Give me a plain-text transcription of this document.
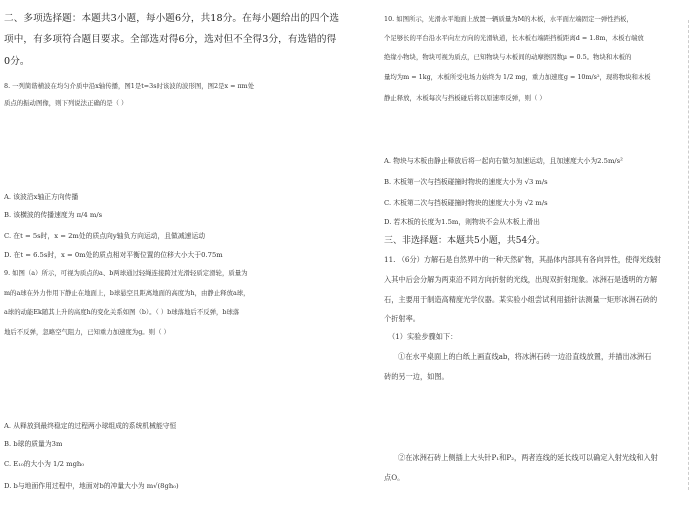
二、多项选择题：本题共3小题，每小题6分，共18分。在每小题给出的四个选
项中，有多项符合题目要求。全部选对得6分，选对但不全得3分，有选错的得
0分。
8. 一列简谐横波在均匀介质中沿x轴传播，图1是t=3s时该波的波形图，图2是x = πm处
质点的振动图像，则下列说法正确的是（ ）
A. 该波沿x轴正方向传播
B. 该横波的传播速度为 π/4 m/s
C. 在t = 5s时，x = 2m处的质点向y轴负方向运动，且做减速运动
D. 在t = 6.5s时，x = 0m处的质点相对平衡位置的位移大小大于0.75m
9. 如图（a）所示，可视为质点的a、b两球通过轻绳连接跨过光滑轻质定滑轮，质量为
m的a球在外力作用下静止在地面上，b球悬空且距离地面的高度为h，由静止释放a球，
a球的动能Ek随其上升的高度h的变化关系如图（b）。（ ）b球落地后不反弹，b球落
地后不反弹，忽略空气阻力，已知重力加速度为g。则（ ）
A. 从释放到最终稳定的过程两小球组成的系统机械能守恒
B. b球的质量为3m
C. E₁₀的大小为 1/2 mgh₀
D. b与地面作用过程中，地面对b的冲量大小为 m√(8gh₀)
10. 如图所示，光滑水平地面上放置一辆质量为M的木板，水平面左端固定一弹性挡板，
个足够长的平台沿水平向左方向的光滑轨道，长木板右端距挡板距离d = 1.8m，木板右端放
绝缘小物块，物块可视为质点，已知物块与木板间的动摩擦因数μ = 0.5。物块和木板的
量均为m = 1kg，木板所受电场力始终为 1/2 mg，重力加速度g = 10m/s²，现将物块和木板
静止释放，木板每次与挡板碰后将以原速率反弹，则（ ）
A. 物块与木板由静止释放后将一起向右做匀加速运动，且加速度大小为2.5m/s²
B. 木板第一次与挡板碰撞时物块的速度大小为 √3 m/s
C. 木板第二次与挡板碰撞时物块的速度大小为 √2 m/s
D. 若木板的长度为1.5m，则物块不会从木板上滑出
三、非选择题：本题共5小题，共54分。
11. （6分）方解石是自然界中的一种天然矿物，其晶体内部具有各向异性，使得光线射
入其中后会分解为两束沿不同方向折射的光线，出现双折射现象。冰洲石是透明的方解
石，主要用于制造高精度光学仪器。某实验小组尝试利用插针法测量一矩形冰洲石砖的
个折射率。
（1）实验步骤如下：
①在水平桌面上的白纸上画直线ab，将冰洲石砖一边沿直线放置，并描出冰洲石
砖的另一边，如图。
②在冰洲石砖上侧插上大头针P₁和P₂，两者连线的延长线可以确定入射光线和入射
点O。
